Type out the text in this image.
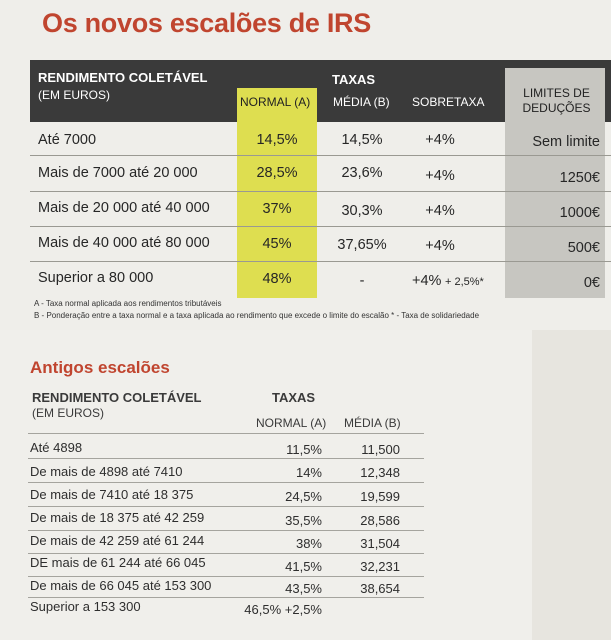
Os novos escalões de IRS
RENDIMENTO COLETÁVEL
(EM EUROS)
TAXAS
NORMAL (A) MÉDIA (B) SOBRETAXA
LIMITES DE
DEDUÇÕES
Até 7000	14,5%	14,5%	+4%	Sem limite
Mais de 7000 até 20 000	28,5%	23,6%	+4%	1250€
Mais de 20 000 até 40 000	37%	30,3%	+4%	1000€
Mais de 40 000 até 80 000	45%	37,65%	+4%	500€
Superior a 80 000	48%	-	+4% + 2,5%*	0€
A - Taxa normal aplicada aos rendimentos tributáveis
B - Ponderação entre a taxa normal e a taxa aplicada ao rendimento que excede o limite do escalão * - Taxa de solidariedade
Antigos escalões
RENDIMENTO COLETÁVEL
(EM EUROS)
TAXAS
NORMAL (A) MÉDIA (B)
Até 4898	11,5%	11,500
De mais de 4898 até 7410	14%	12,348
De mais de 7410 até 18 375	24,5%	19,599
De mais de 18 375 até 42 259	35,5%	28,586
De mais de 42 259 até 61 244	38%	31,504
DE mais de 61 244 até 66 045	41,5%	32,231
De mais de 66 045 até 153 300	43,5%	38,654
Superior a 153 300	46,5% +2,5%
